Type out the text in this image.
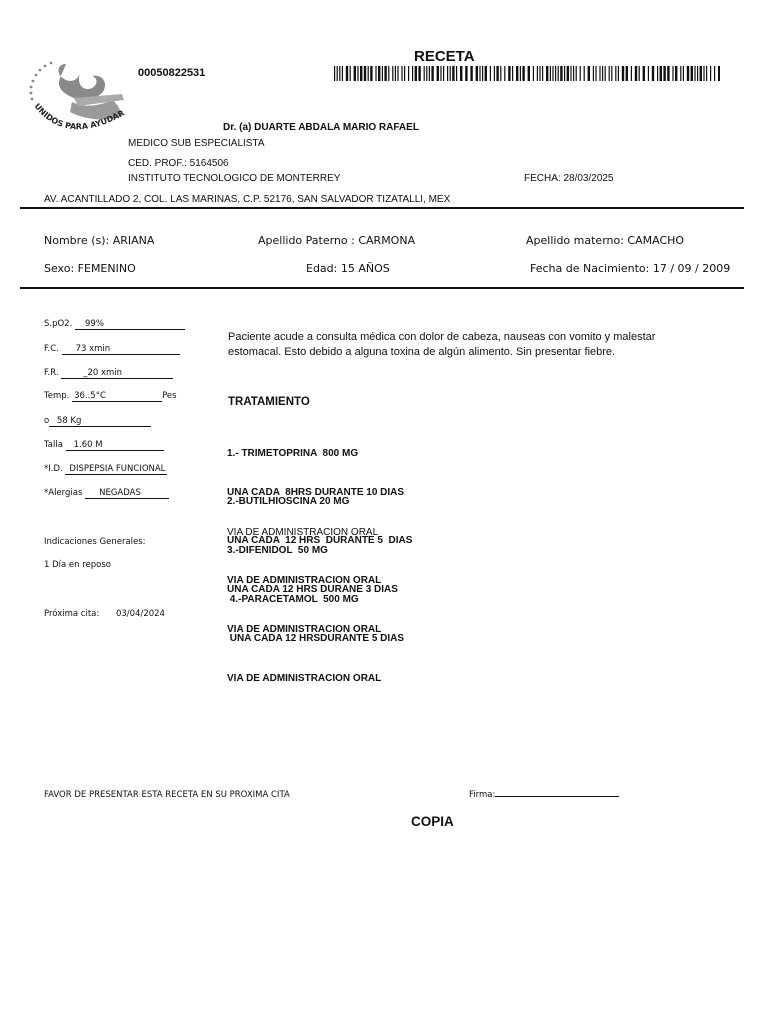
UNIDOS PARA AYUDAR
00050822531
RECETA
Dr. (a) DUARTE ABDALA MARIO RAFAEL
MEDICO SUB ESPECIALISTA
CED. PROF.: 5164506
INSTITUTO TECNOLOGICO DE MONTERREY	FECHA: 28/03/2025
AV. ACANTILLADO 2, COL. LAS MARINAS, C.P. 52176, SAN SALVADOR TIZATALLI, MEX
Nombre (s): ARIANA	Apellido Paterno : CARMONA	Apellido materno: CAMACHO
Sexo: FEMENINO	Edad: 15 AÑOS	Fecha de Nacimiento: 17 / 09 / 2009
S.pO2. 99%
F.C. 73 xmin
F.R.	_20 xmin
Temp. 36..5°C	Pes
o 58 Kg
Talla 1.60 M
*I.D. DISPEPSIA FUNCIONAL
*Alergias NEGADAS
Indicaciones Generales:
1 Día en reposo
Próxima cita: 03/04/2024
Paciente acude a consulta médica con dolor de cabeza, nauseas con vomito y malestar
estomacal. Esto debido a alguna toxina de algún alimento. Sin presentar fiebre.
TRATAMIENTO

1.- TRIMETOPRINA  800 MG

UNA CADA  8HRS DURANTE 10 DIAS

VIA DE ADMINISTRACION ORAL

2.-BUTILHIOSCINA 20 MG

UNA CADA  12 HRS  DURANTE 5  DIAS

VIA DE ADMINISTRACION ORAL

3.-DIFENIDOL  50 MG

UNA CADA 12 HRS DURANE 3 DIAS

VIA DE ADMINISTRACION ORAL

4.-PARACETAMOL  500 MG

UNA CADA 12 HRSDURANTE 5 DIAS

VIA DE ADMINISTRACION ORAL

FAVOR DE PRESENTAR ESTA RECETA EN SU PROXIMA CITA	Firma:
COPIA
